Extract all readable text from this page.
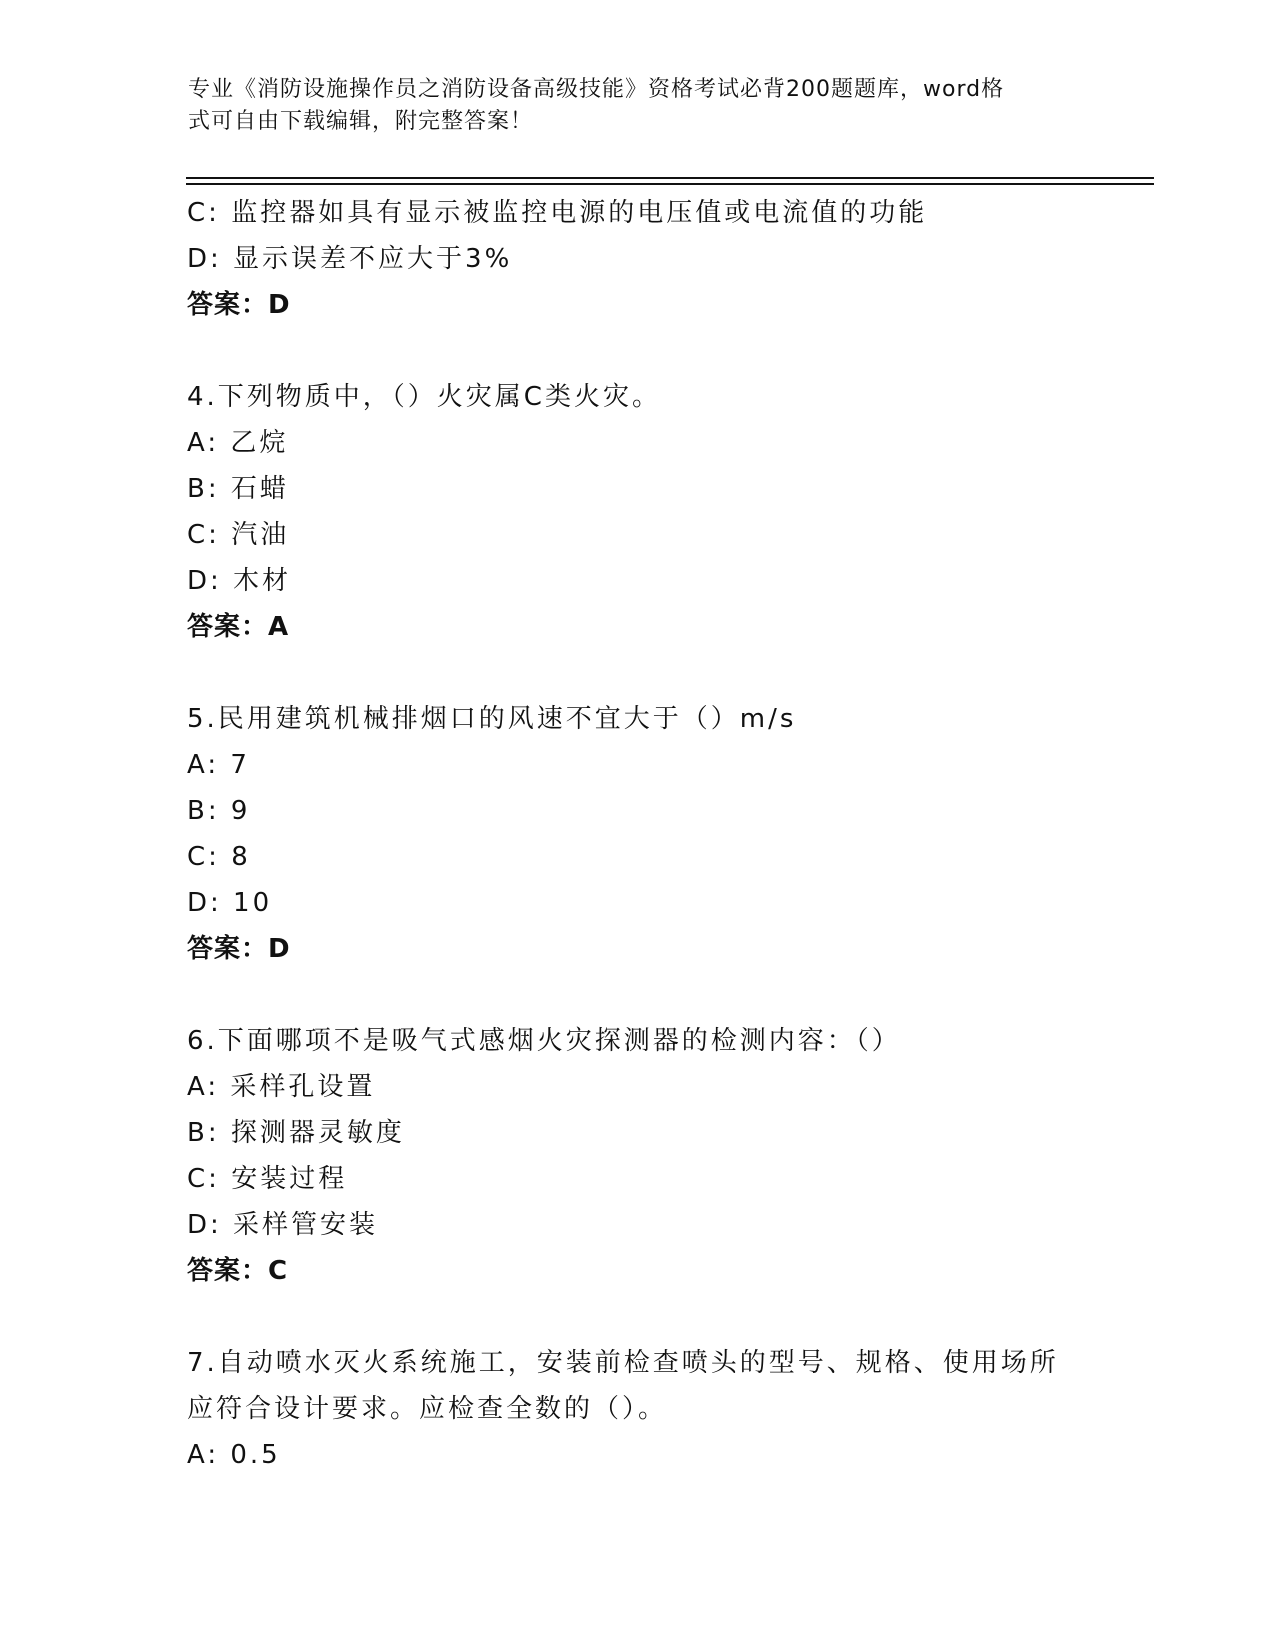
专业《消防设施操作员之消防设备高级技能》资格考试必背200题题库，word格
式可自由下载编辑，附完整答案！
C: 监控器如具有显示被监控电源的电压值或电流值的功能
D: 显示误差不应大于3%
答案：D
4.下列物质中，（）火灾属C类火灾。
A: 乙烷
B: 石蜡
C: 汽油
D: 木材
答案：A
5.民用建筑机械排烟口的风速不宜大于（）m/s
A: 7
B: 9
C: 8
D: 10
答案：D
6.下面哪项不是吸气式感烟火灾探测器的检测内容：（）
A: 采样孔设置
B: 探测器灵敏度
C: 安装过程
D: 采样管安装
答案：C
7.自动喷水灭火系统施工，安装前检查喷头的型号、规格、使用场所
应符合设计要求。应检查全数的（）。
A: 0.5
